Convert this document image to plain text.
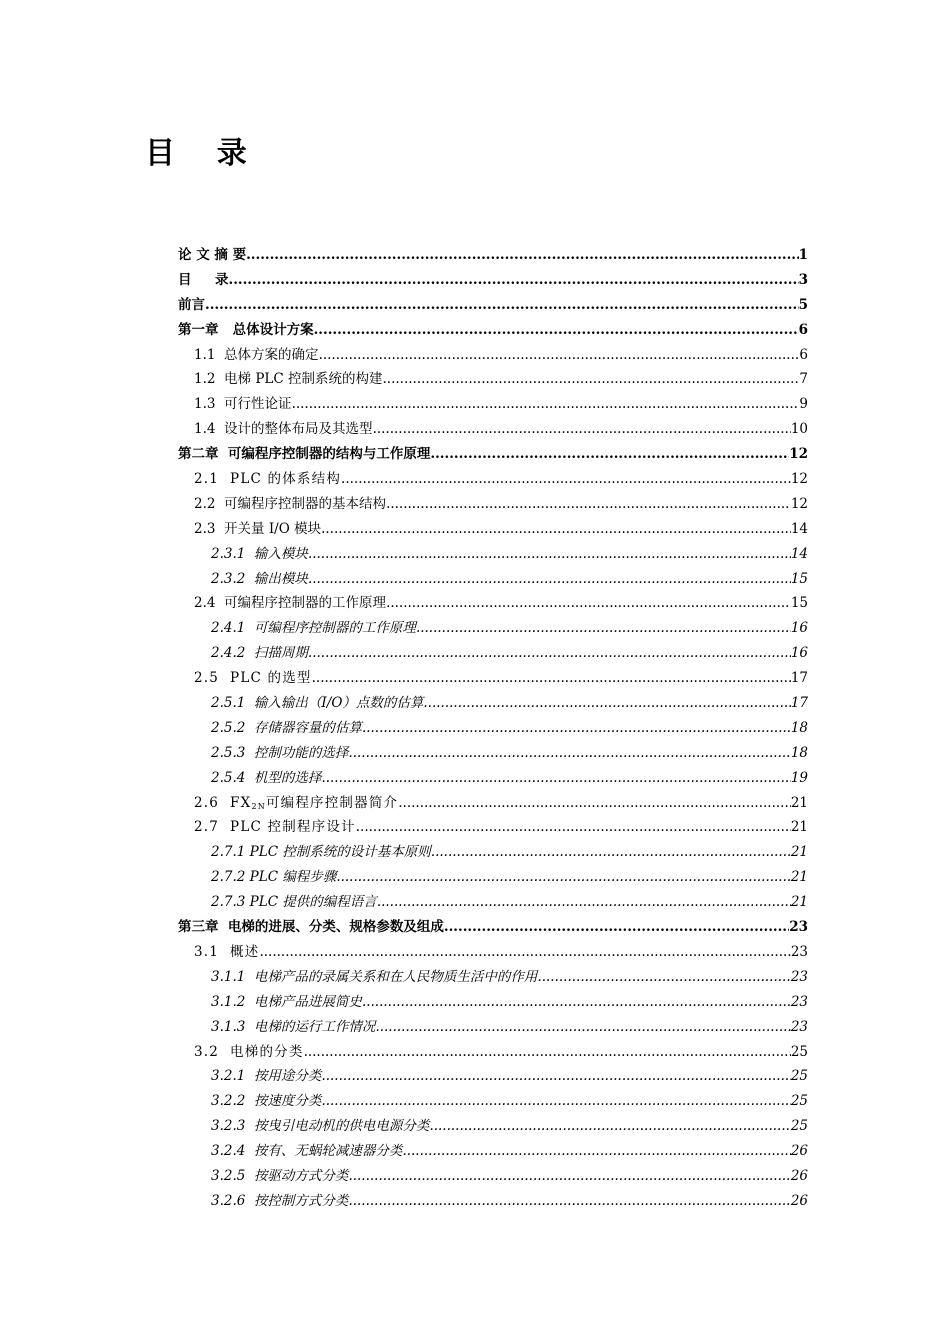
目    录
论 文 摘 要 .....	1
目     录 .....	3
前言 .....	5
第一章   总体设计方案 .....	6
1.1  总体方案的确定 .....	6
1.2  电梯 PLC 控制系统的构建 .....	7
1.3  可行性论证 .....	9
1.4  设计的整体布局及其选型 .....	10
第二章  可编程序控制器的结构与工作原理 .....	12
2.1  PLC 的体系结构 .....	12
2.2  可编程序控制器的基本结构 .....	12
2.3  开关量 I/O 模块 .....	14
2.3.1  输入模块 .....	14
2.3.2  输出模块 .....	15
2.4  可编程序控制器的工作原理 .....	15
2.4.1  可编程序控制器的工作原理 .....	16
2.4.2  扫描周期 .....	16
2.5  PLC 的选型 .....	17
2.5.1  输入输出（I/O）点数的估算 .....	17
2.5.2  存储器容量的估算 .....	18
2.5.3  控制功能的选择 .....	18
2.5.4  机型的选择 .....	19
2.6  FX2N可编程序控制器简介 .....	21
2.7  PLC 控制程序设计 .....	21
2.7.1 PLC 控制系统的设计基本原则 .....	21
2.7.2 PLC 编程步骤 .....	21
2.7.3 PLC 提供的编程语言 .....	21
第三章  电梯的进展、分类、规格参数及组成 .....	23
3.1  概述 .....	23
3.1.1  电梯产品的录属关系和在人民物质生活中的作用 .....	23
3.1.2  电梯产品进展简史 .....	23
3.1.3  电梯的运行工作情况 .....	23
3.2  电梯的分类 .....	25
3.2.1  按用途分类 .....	25
3.2.2  按速度分类 .....	25
3.2.3  按曳引电动机的供电电源分类 .....	25
3.2.4  按有、无蜗轮减速器分类 .....	26
3.2.5  按驱动方式分类 .....	26
3.2.6  按控制方式分类 .....	26
